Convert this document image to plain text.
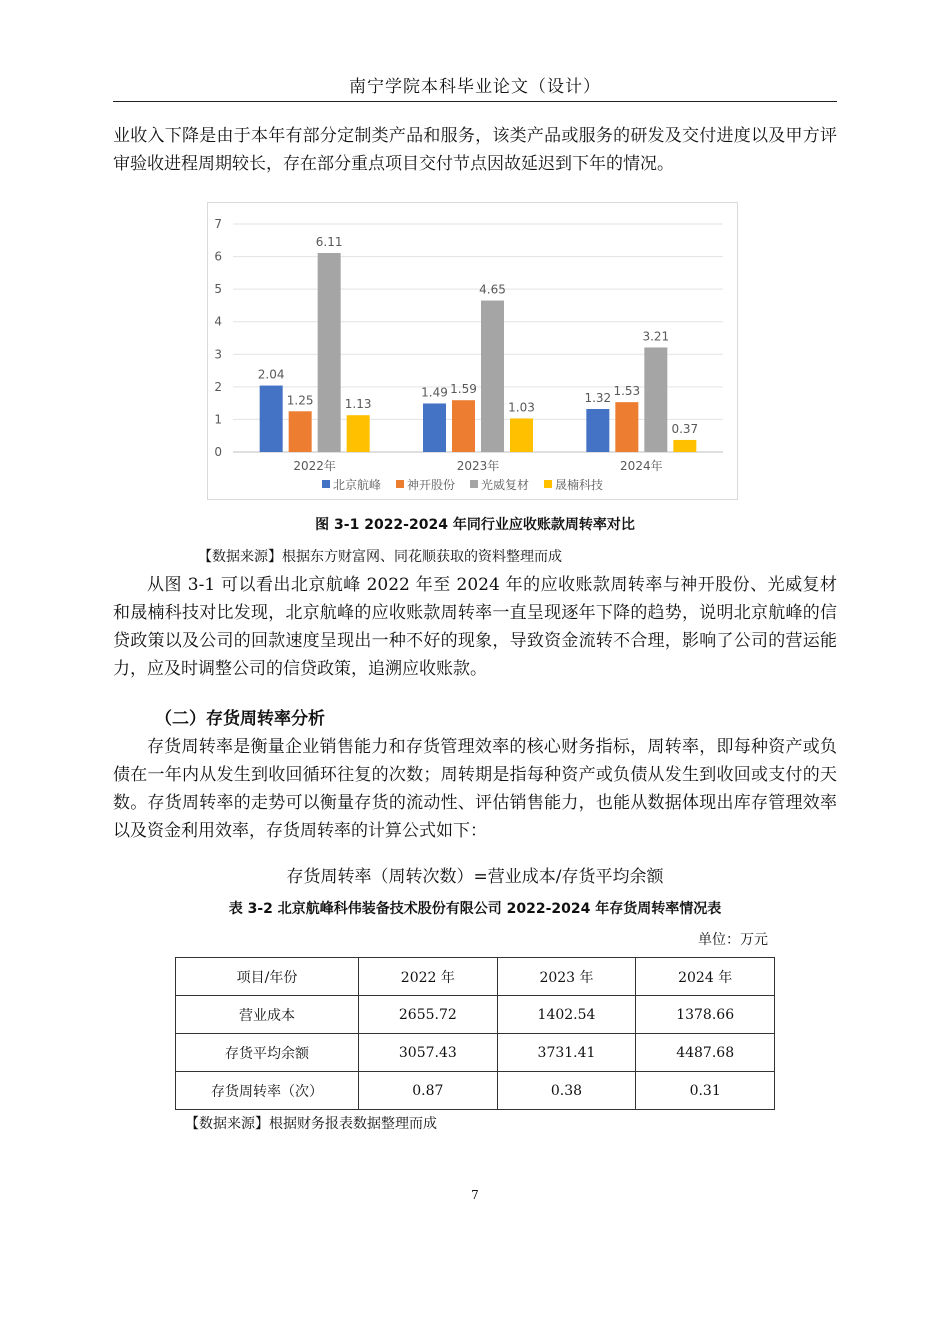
南宁学院本科毕业论文（设计）
业收入下降是由于本年有部分定制类产品和服务，该类产品或服务的研发及交付进度以及甲方评审验收进程周期较长，存在部分重点项目交付节点因故延迟到下年的情况。
0
1
2
3
4
5
6
7
2.04
1.25
6.11
1.13
2022年
1.49 1.59
4.65
1.03
2023年
1.32 1.53
3.21
0.37
2024年
北京航峰 神开股份 光威复材 晟楠科技
图 3-1 2022-2024 年同行业应收账款周转率对比
【数据来源】根据东方财富网、同花顺获取的资料整理而成
从图 3-1 可以看出北京航峰 2022 年至 2024 年的应收账款周转率与神开股份、光威复材和晟楠科技对比发现，北京航峰的应收账款周转率一直呈现逐年下降的趋势，说明北京航峰的信贷政策以及公司的回款速度呈现出一种不好的现象，导致资金流转不合理，影响了公司的营运能力，应及时调整公司的信贷政策，追溯应收账款。
（二）存货周转率分析
存货周转率是衡量企业销售能力和存货管理效率的核心财务指标，周转率，即每种资产或负债在一年内从发生到收回循环往复的次数；周转期是指每种资产或负债从发生到收回或支付的天数。存货周转率的走势可以衡量存货的流动性、评估销售能力，也能从数据体现出库存管理效率以及资金利用效率，存货周转率的计算公式如下：
存货周转率（周转次数）=营业成本/存货平均余额
表 3-2 北京航峰科伟装备技术股份有限公司 2022-2024 年存货周转率情况表
单位：万元
项目/年份	2022 年	2023 年	2024 年
营业成本	2655.72	1402.54	1378.66
存货平均余额	3057.43	3731.41	4487.68
存货周转率（次）	0.87	0.38	0.31
【数据来源】根据财务报表数据整理而成
7
